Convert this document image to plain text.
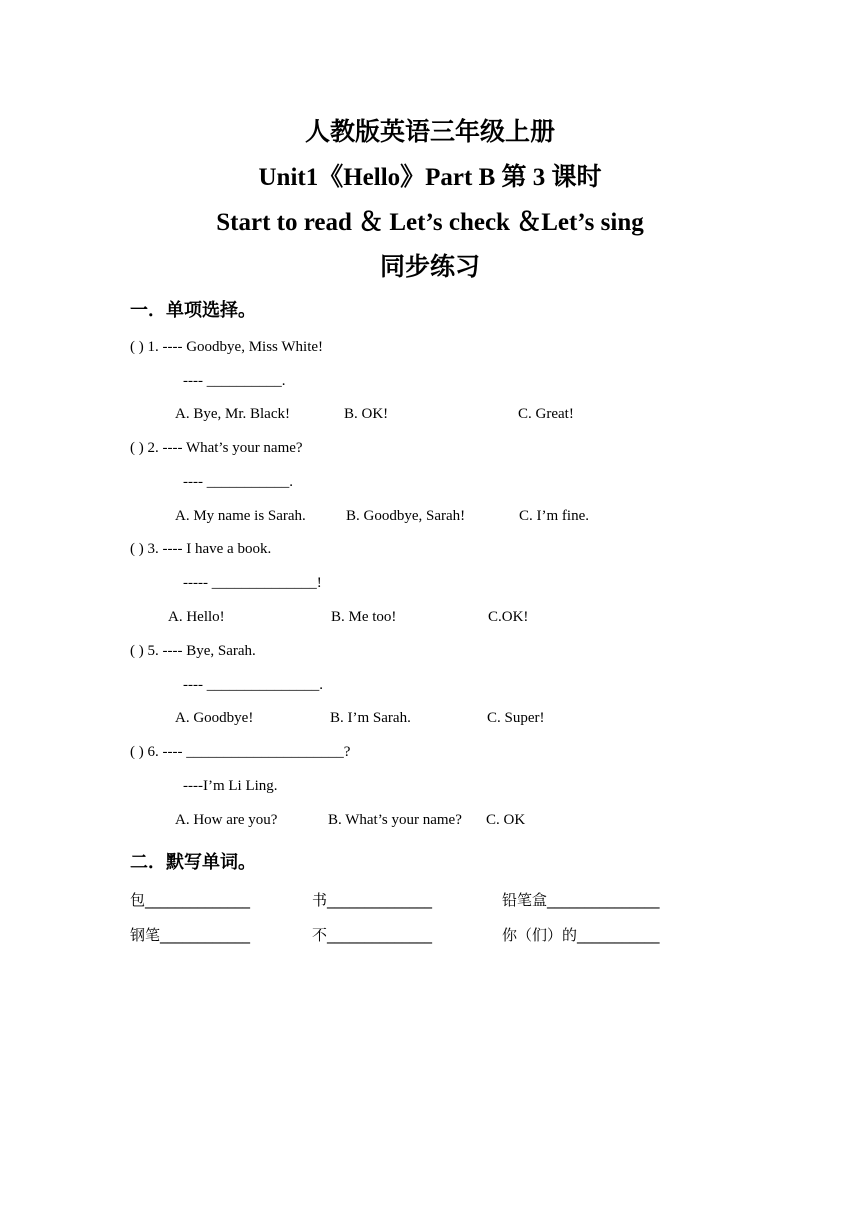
人教版英语三年级上册
Unit1《Hello》Part B 第 3 课时
Start to read ＆ Let’s check ＆Let’s sing
同步练习
一．单项选择。
( ) 1. ---- Goodbye, Miss White!
---- __________.
A. Bye, Mr. Black!	B. OK!	C. Great!
( ) 2. ---- What’s your name?
---- ___________.
A. My name is Sarah.	B. Goodbye, Sarah!	C. I’m fine.
( ) 3. ---- I have a book.
----- ______________!
A. Hello!	B. Me too!	C.OK!
( ) 5. ---- Bye, Sarah.
---- _______________.
A. Goodbye!	B. I’m Sarah.	C. Super!
( ) 6. ---- _____________________?
----I’m Li Ling.
A. How are you?	B. What’s your name? C. OK
二．默写单词。
包______________	书______________	铅笔盒_______________
钢笔____________	不______________	你（们）的___________
